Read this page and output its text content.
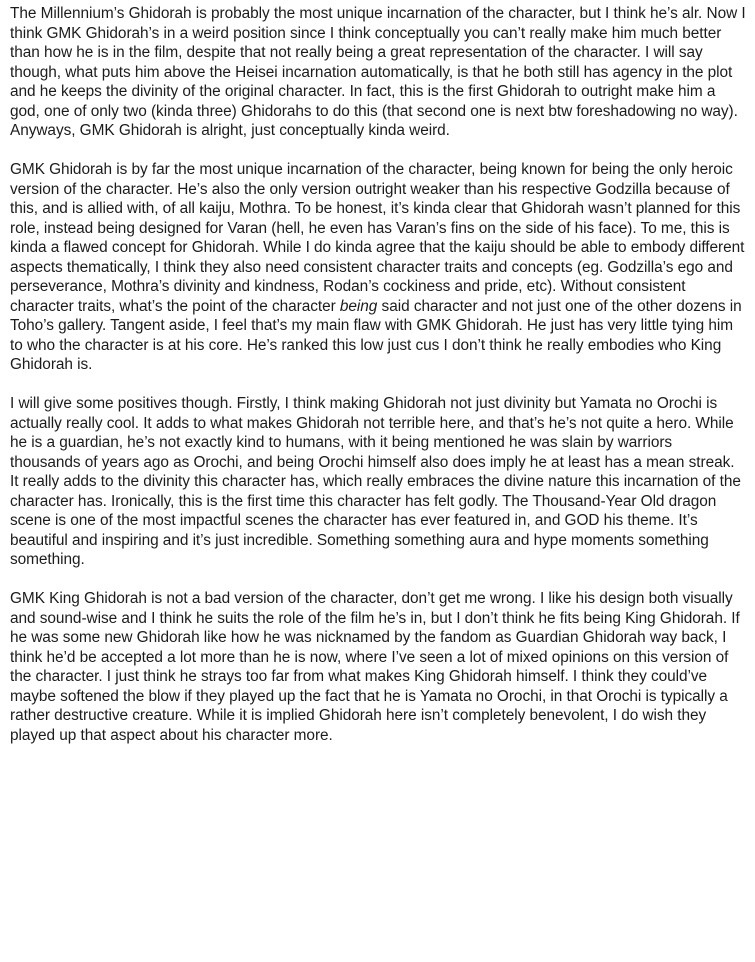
The Millennium’s Ghidorah is probably the most unique incarnation of the character, but I think he’s alr. Now I think GMK Ghidorah’s in a weird position since I think conceptually you can’t really make him much better than how he is in the film, despite that not really being a great representation of the character. I will say though, what puts him above the Heisei incarnation automatically, is that he both still has agency in the plot and he keeps the divinity of the original character. In fact, this is the first Ghidorah to outright make him a god, one of only two (kinda three) Ghidorahs to do this (that second one is next btw foreshadowing no way). Anyways, GMK Ghidorah is alright, just conceptually kinda weird.

GMK Ghidorah is by far the most unique incarnation of the character, being known for being the only heroic version of the character. He’s also the only version outright weaker than his respective Godzilla because of this, and is allied with, of all kaiju, Mothra. To be honest, it’s kinda clear that Ghidorah wasn’t planned for this role, instead being designed for Varan (hell, he even has Varan’s fins on the side of his face). To me, this is kinda a flawed concept for Ghidorah. While I do kinda agree that the kaiju should be able to embody different aspects thematically, I think they also need consistent character traits and concepts (eg. Godzilla’s ego and perseverance, Mothra’s divinity and kindness, Rodan’s cockiness and pride, etc). Without consistent character traits, what’s the point of the character being said character and not just one of the other dozens in Toho’s gallery. Tangent aside, I feel that’s my main flaw with GMK Ghidorah. He just has very little tying him to who the character is at his core. He’s ranked this low just cus I don’t think he really embodies who King Ghidorah is.

I will give some positives though. Firstly, I think making Ghidorah not just divinity but Yamata no Orochi is actually really cool. It adds to what makes Ghidorah not terrible here, and that’s he’s not quite a hero. While he is a guardian, he’s not exactly kind to humans, with it being mentioned he was slain by warriors thousands of years ago as Orochi, and being Orochi himself also does imply he at least has a mean streak. It really adds to the divinity this character has, which really embraces the divine nature this incarnation of the character has. Ironically, this is the first time this character has felt godly. The Thousand-Year Old dragon scene is one of the most impactful scenes the character has ever featured in, and GOD his theme. It’s beautiful and inspiring and it’s just incredible. Something something aura and hype moments something something.

GMK King Ghidorah is not a bad version of the character, don’t get me wrong. I like his design both visually and sound-wise and I think he suits the role of the film he’s in, but I don’t think he fits being King Ghidorah. If he was some new Ghidorah like how he was nicknamed by the fandom as Guardian Ghidorah way back, I think he’d be accepted a lot more than he is now, where I’ve seen a lot of mixed opinions on this version of the character. I just think he strays too far from what makes King Ghidorah himself. I think they could’ve maybe softened the blow if they played up the fact that he is Yamata no Orochi, in that Orochi is typically a rather destructive creature. While it is implied Ghidorah here isn’t completely benevolent, I do wish they played up that aspect about his character more.
